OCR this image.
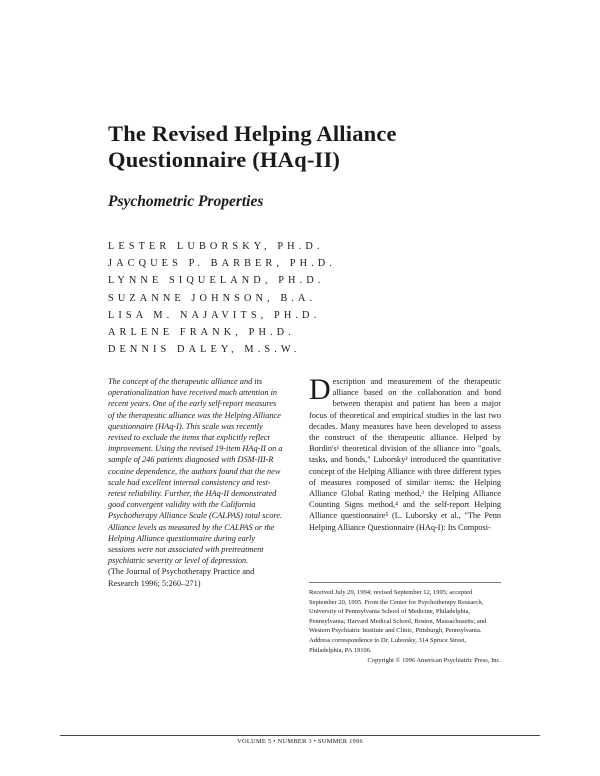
The Revised Helping Alliance Questionnaire (HAq-II)
Psychometric Properties
LESTER LUBORSKY, PH.D.
JACQUES P. BARBER, PH.D.
LYNNE SIQUELAND, PH.D.
SUZANNE JOHNSON, B.A.
LISA M. NAJAVITS, PH.D.
ARLENE FRANK, PH.D.
DENNIS DALEY, M.S.W.
The concept of the therapeutic alliance and its operationalization have received much attention in recent years. One of the early self-report measures of the therapeutic alliance was the Helping Alliance questionnaire (HAq-I). This scale was recently revised to exclude the items that explicitly reflect improvement. Using the revised 19-item HAq-II on a sample of 246 patients diagnosed with DSM-III-R cocaine dependence, the authors found that the new scale had excellent internal consistency and test-retest reliability. Further, the HAq-II demonstrated good convergent validity with the California Psychotherapy Alliance Scale (CALPAS) total score. Alliance levels as measured by the CALPAS or the Helping Alliance questionnaire during early sessions were not associated with pretreatment psychiatric severity or level of depression.
(The Journal of Psychotherapy Practice and Research 1996; 5:260–271)
Description and measurement of the therapeutic alliance based on the collaboration and bond between therapist and patient has been a major focus of theoretical and empirical studies in the last two decades. Many measures have been developed to assess the construct of the therapeutic alliance. Helped by Bordin's¹ theoretical division of the alliance into "goals, tasks, and bonds," Luborsky² introduced the quantitative concept of the Helping Alliance with three different types of measures composed of similar items: the Helping Alliance Global Rating method,³ the Helping Alliance Counting Signs method,⁴ and the self-report Helping Alliance questionnaire⁵ (L. Luborsky et al., "The Penn Helping Alliance Questionnaire (HAq-I): Its Composi-
Received July 29, 1994; revised September 12, 1995; accepted September 20, 1995. From the Center for Psychotherapy Research, University of Pennsylvania School of Medicine, Philadelphia, Pennsylvania; Harvard Medical School, Boston, Massachusetts; and Western Psychiatric Institute and Clinic, Pittsburgh, Pennsylvania. Address correspondence to Dr. Luborsky, 314 Spruce Street, Philadelphia, PA 19106.
Copyright © 1996 American Psychiatric Press, Inc.
VOLUME 5 • NUMBER 3 • SUMMER 1996
